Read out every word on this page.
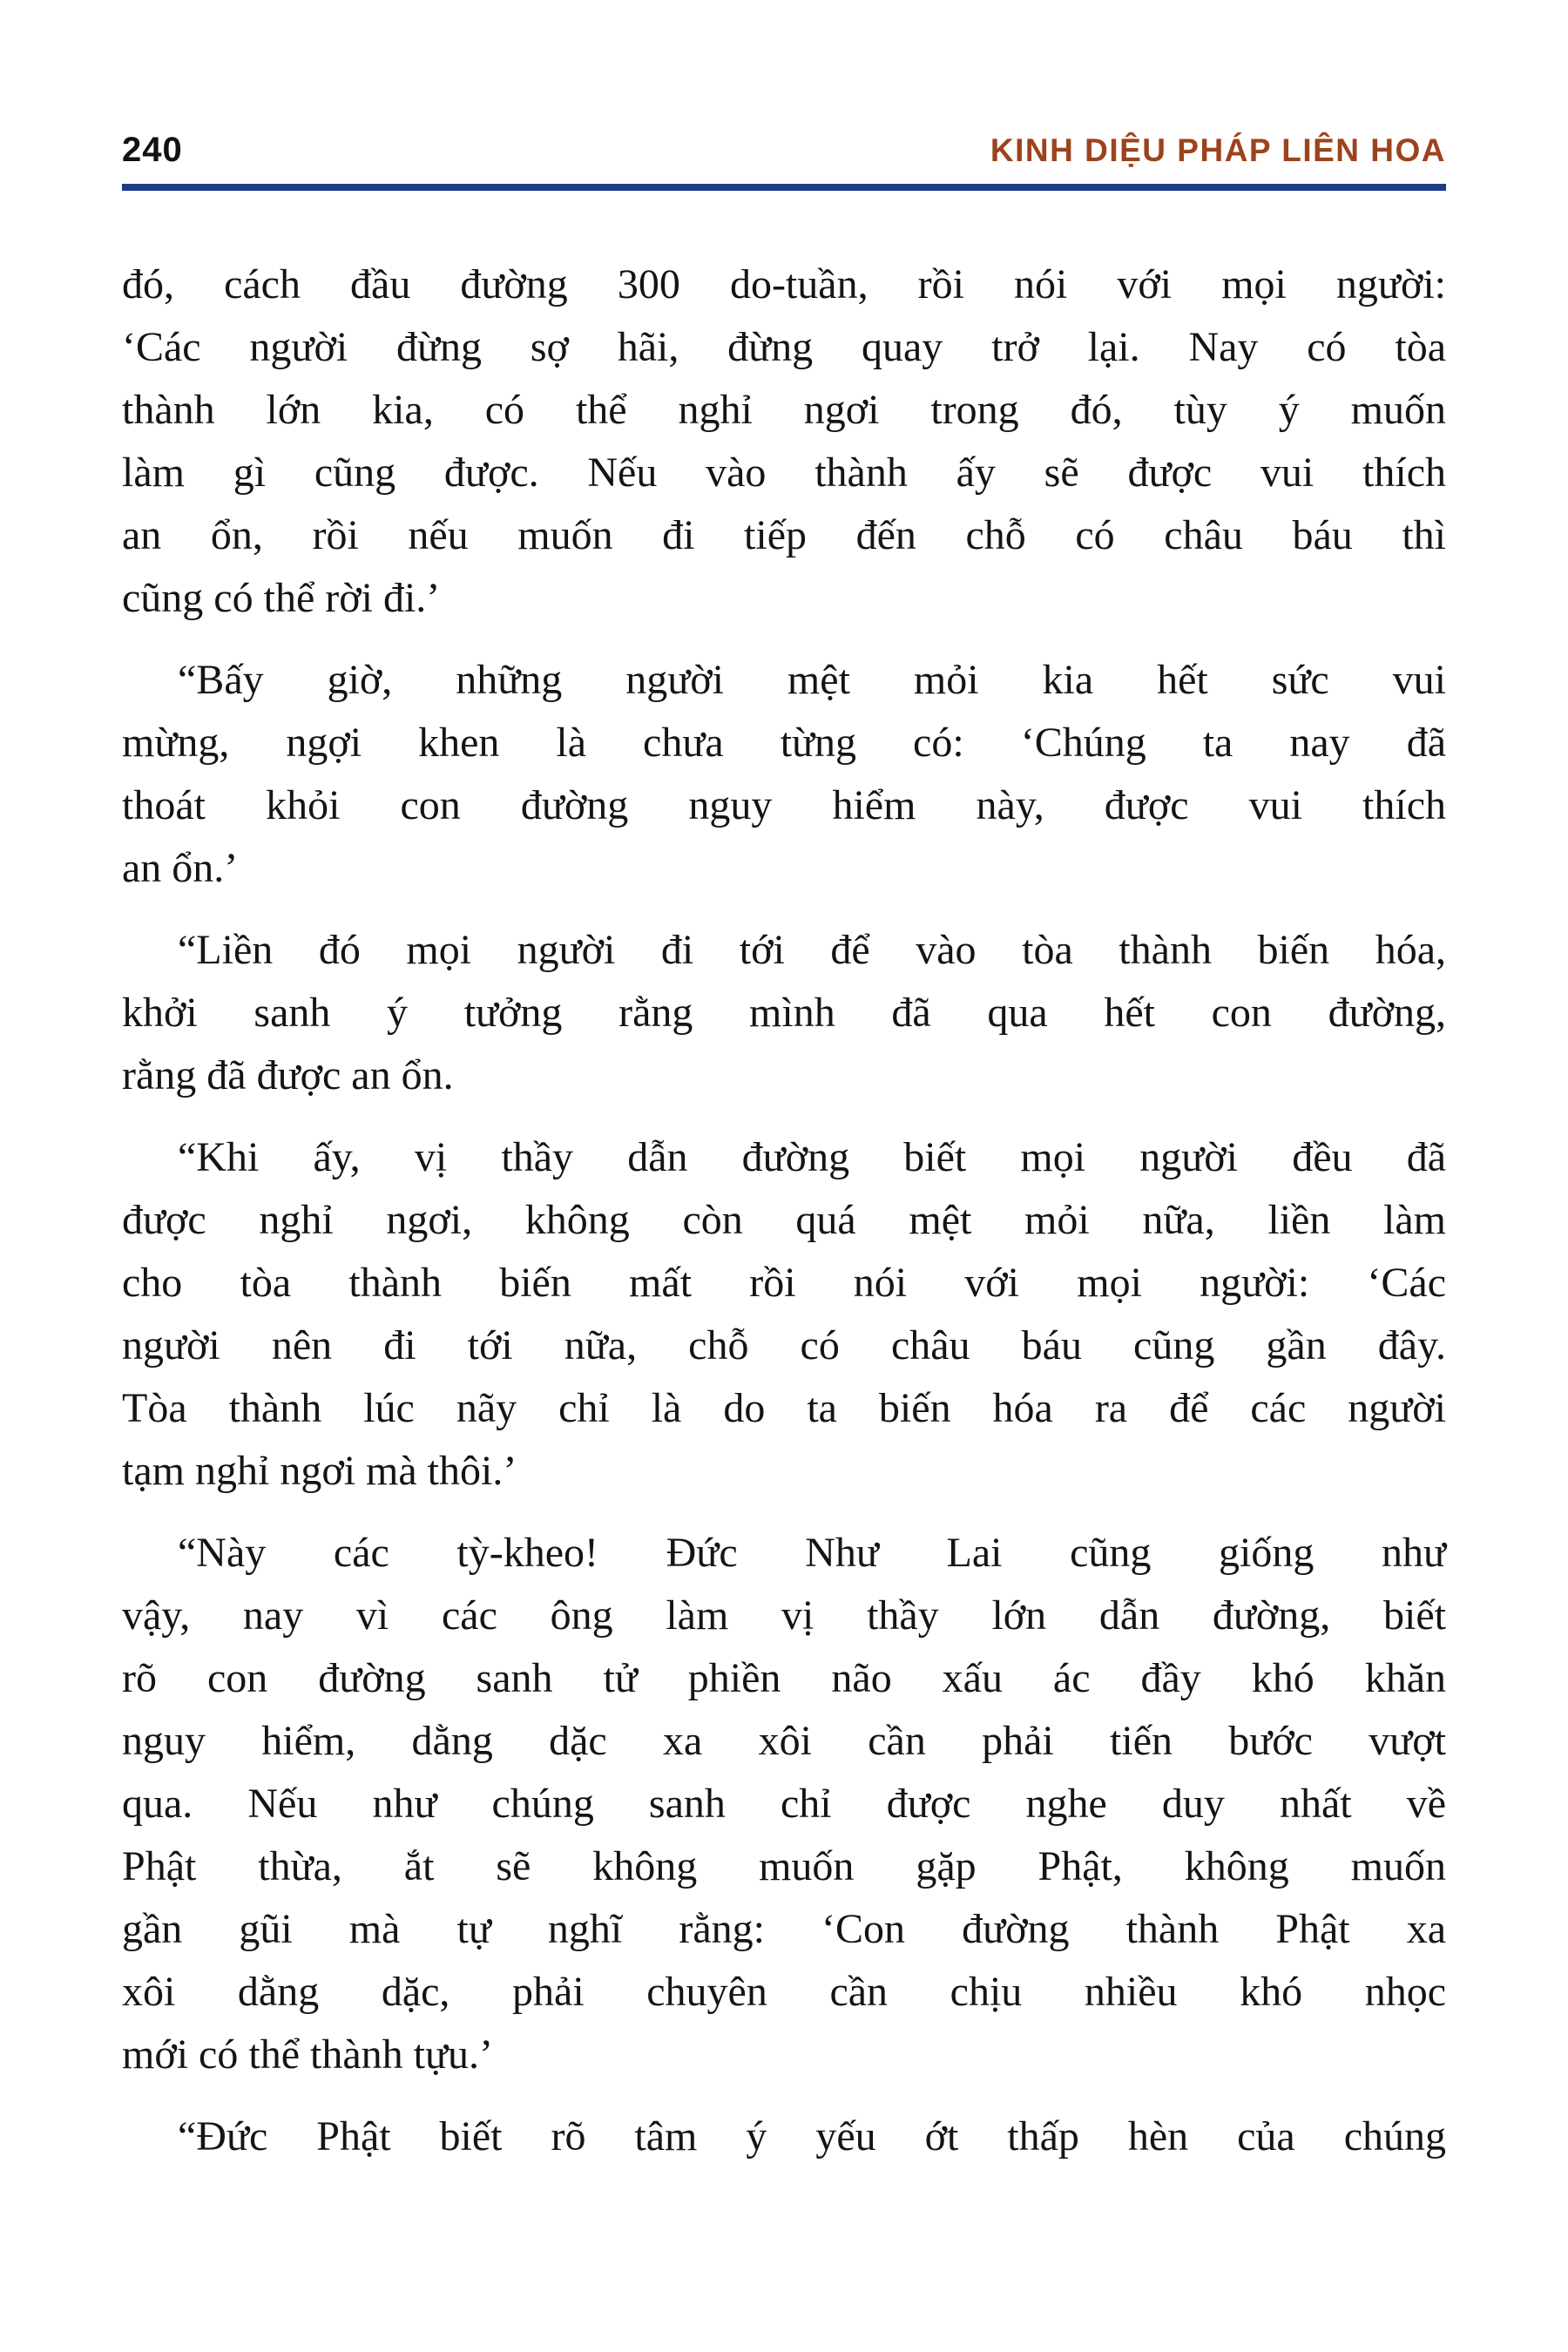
240	KINH DIỆU PHÁP LIÊN HOA
đó, cách đầu đường 300 do-tuần, rồi nói với mọi người:
‘Các người đừng sợ hãi, đừng quay trở lại. Nay có tòa
thành lớn kia, có thể nghỉ ngơi trong đó, tùy ý muốn
làm gì cũng được. Nếu vào thành ấy sẽ được vui thích
an ổn, rồi nếu muốn đi tiếp đến chỗ có châu báu thì
cũng có thể rời đi.’
“Bấy giờ, những người mệt mỏi kia hết sức vui
mừng, ngợi khen là chưa từng có: ‘Chúng ta nay đã
thoát khỏi con đường nguy hiểm này, được vui thích
an ổn.’
“Liền đó mọi người đi tới để vào tòa thành biến hóa,
khởi sanh ý tưởng rằng mình đã qua hết con đường,
rằng đã được an ổn.
“Khi ấy, vị thầy dẫn đường biết mọi người đều đã
được nghỉ ngơi, không còn quá mệt mỏi nữa, liền làm
cho tòa thành biến mất rồi nói với mọi người: ‘Các
người nên đi tới nữa, chỗ có châu báu cũng gần đây.
Tòa thành lúc nãy chỉ là do ta biến hóa ra để các người
tạm nghỉ ngơi mà thôi.’
“Này các tỳ-kheo! Đức Như Lai cũng giống như
vậy, nay vì các ông làm vị thầy lớn dẫn đường, biết
rõ con đường sanh tử phiền não xấu ác đầy khó khăn
nguy hiểm, dằng dặc xa xôi cần phải tiến bước vượt
qua. Nếu như chúng sanh chỉ được nghe duy nhất về
Phật thừa, ắt sẽ không muốn gặp Phật, không muốn
gần gũi mà tự nghĩ rằng: ‘Con đường thành Phật xa
xôi dằng dặc, phải chuyên cần chịu nhiều khó nhọc
mới có thể thành tựu.’
“Đức Phật biết rõ tâm ý yếu ớt thấp hèn của chúng
